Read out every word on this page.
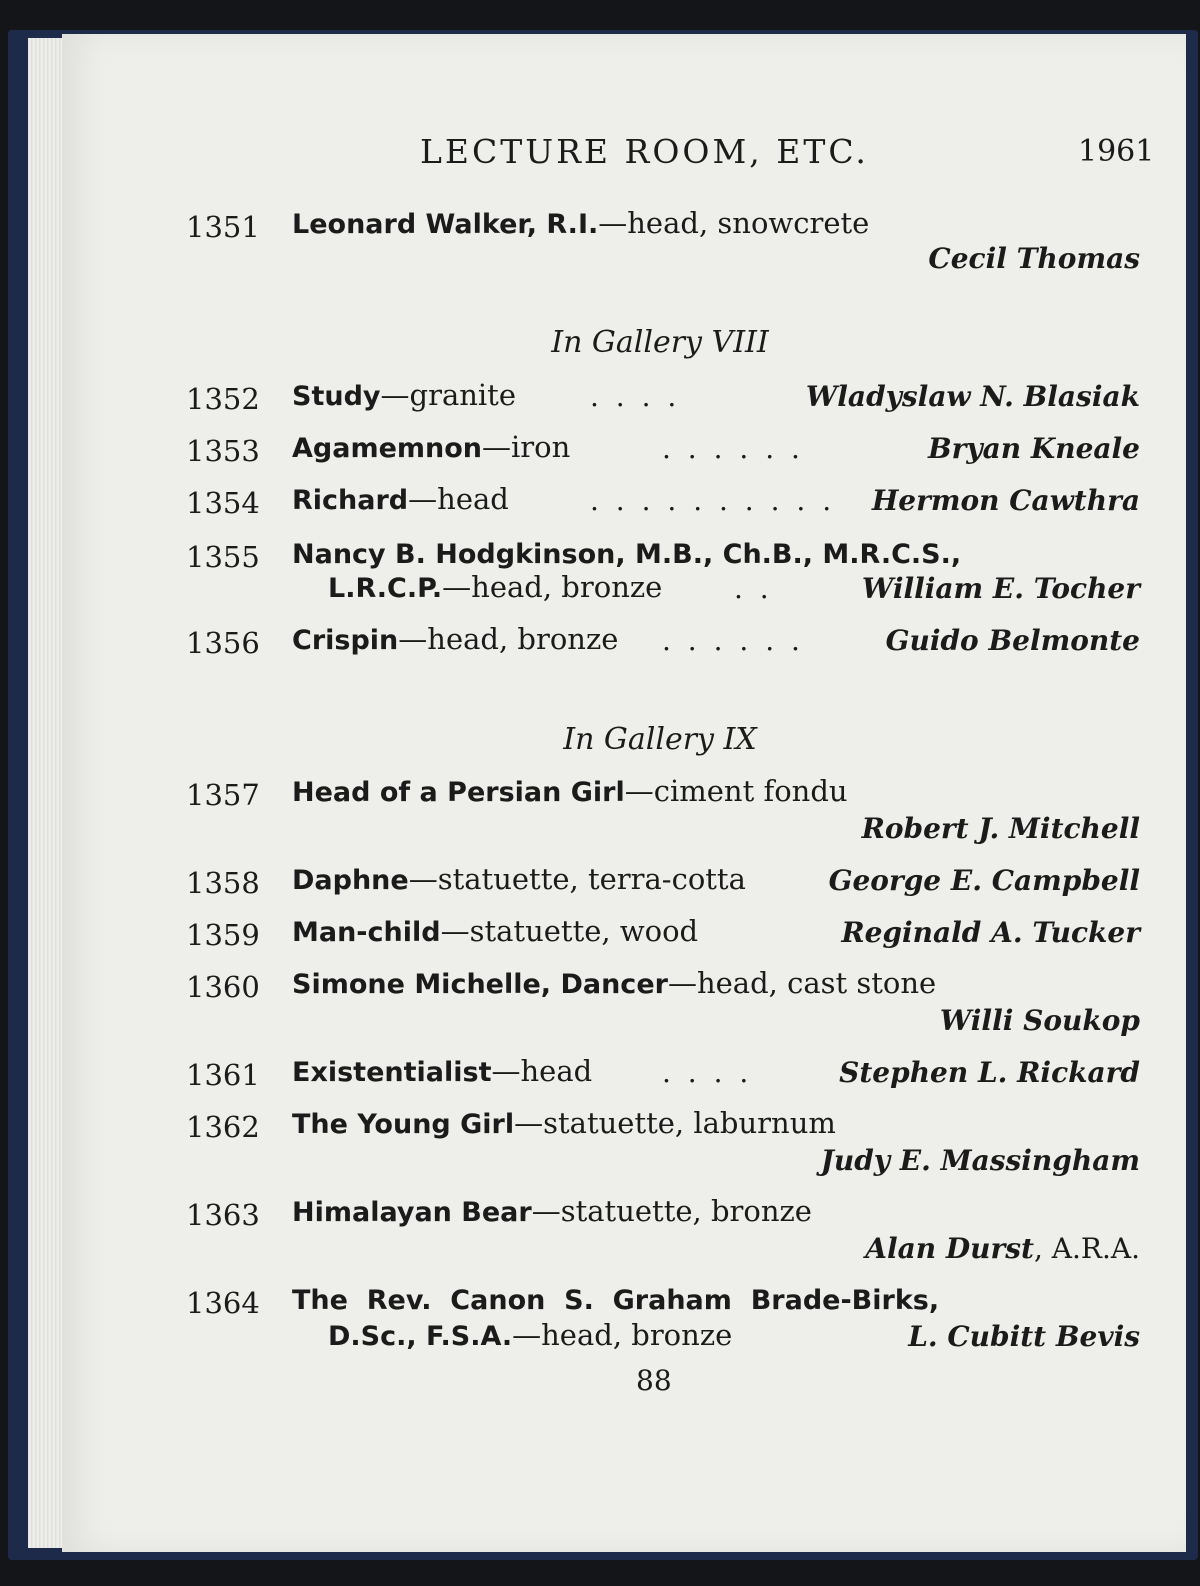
LECTURE ROOM, ETC.	1961
1351 Leonard Walker, R.I.—head, snowcrete
Cecil Thomas
In Gallery VIII
1352 Study—granite	. . . .	Wladyslaw N. Blasiak
1353 Agamemnon—iron	. . . . . .	Bryan Kneale
1354 Richard—head	. . . . . . . . . . Hermon Cawthra
1355 Nancy B. Hodgkinson, M.B., Ch.B., M.R.C.S.,
L.R.C.P.—head, bronze	. .	William E. Tocher
1356 Crispin—head, bronze . . . . . .	Guido Belmonte
In Gallery IX
1357 Head of a Persian Girl—ciment fondu
Robert J. Mitchell
1358 Daphne—statuette, terra-cotta	George E. Campbell
1359 Man-child—statuette, wood	Reginald A. Tucker
1360 Simone Michelle, Dancer—head, cast stone
Willi Soukop
1361 Existentialist—head . . . .	Stephen L. Rickard
1362 The Young Girl—statuette, laburnum
Judy E. Massingham
1363 Himalayan Bear—statuette, bronze
Alan Durst, A.R.A.
1364 The  Rev.  Canon  S.  Graham  Brade-Birks,
D.Sc., F.S.A.—head, bronze	L. Cubitt Bevis
88
